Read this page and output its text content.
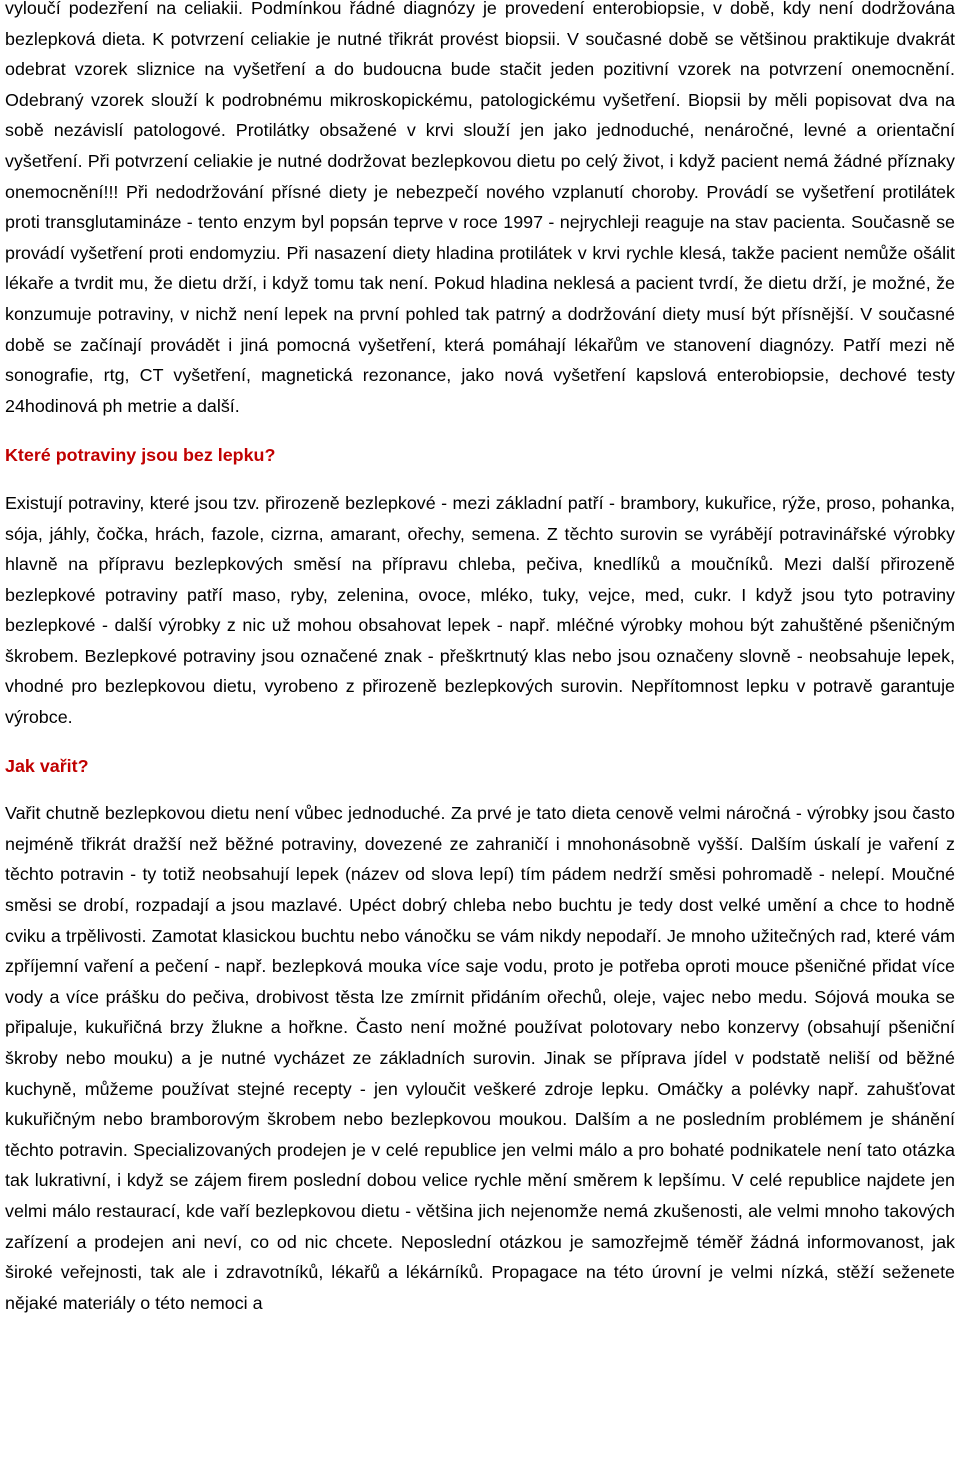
vyloučí podezření na celiakii. Podmínkou řádné diagnózy je provedení enterobiopsie, v době, kdy není dodržována bezlepková dieta. K potvrzení celiakie je nutné třikrát provést biopsii. V současné době se většinou praktikuje dvakrát odebrat vzorek sliznice na vyšetření a do budoucna bude stačit jeden pozitivní vzorek na potvrzení onemocnění. Odebraný vzorek slouží k podrobnému mikroskopickému, patologickému vyšetření. Biopsii by měli popisovat dva na sobě nezávislí patologové. Protilátky obsažené v krvi slouží jen jako jednoduché, nenáročné, levné a orientační vyšetření. Při potvrzení celiakie je nutné dodržovat bezlepkovou dietu po celý život, i když pacient nemá žádné příznaky onemocnění!!! Při nedodržování přísné diety je nebezpečí nového vzplanutí choroby. Provádí se vyšetření protilátek proti transglutamináze - tento enzym byl popsán teprve v roce 1997 - nejrychleji reaguje na stav pacienta. Současně se provádí vyšetření proti endomyziu. Při nasazení diety hladina protilátek v krvi rychle klesá, takže pacient nemůže ošálit lékaře a tvrdit mu, že dietu drží, i když tomu tak není. Pokud hladina neklesá a pacient tvrdí, že dietu drží, je možné, že konzumuje potraviny, v nichž není lepek na první pohled tak patrný a dodržování diety musí být přísnější. V současné době se začínají provádět i jiná pomocná vyšetření, která pomáhají lékařům ve stanovení diagnózy. Patří mezi ně sonografie, rtg, CT vyšetření, magnetická rezonance, jako nová vyšetření kapslová enterobiopsie, dechové testy 24hodinová ph metrie a další.

Které potraviny jsou bez lepku?

Existují potraviny, které jsou tzv. přirozeně bezlepkové - mezi základní patří - brambory, kukuřice, rýže, proso, pohanka, sója, jáhly, čočka, hrách, fazole, cizrna, amarant, ořechy, semena. Z těchto surovin se vyrábějí potravinářské výrobky hlavně na přípravu bezlepkových směsí na přípravu chleba, pečiva, knedlíků a moučníků. Mezi další přirozeně bezlepkové potraviny patří maso, ryby, zelenina, ovoce, mléko, tuky, vejce, med, cukr. I když jsou tyto potraviny bezlepkové - další výrobky z nic už mohou obsahovat lepek - např. mléčné výrobky mohou být zahuštěné pšeničným škrobem. Bezlepkové potraviny jsou označené znak - přeškrtnutý klas nebo jsou označeny slovně - neobsahuje lepek, vhodné pro bezlepkovou dietu, vyrobeno z přirozeně bezlepkových surovin. Nepřítomnost lepku v potravě garantuje výrobce.

Jak vařit?

Vařit chutně bezlepkovou dietu není vůbec jednoduché. Za prvé je tato dieta cenově velmi náročná - výrobky jsou často nejméně třikrát dražší než běžné potraviny, dovezené ze zahraničí i mnohonásobně vyšší. Dalším úskalí je vaření z těchto potravin - ty totiž neobsahují lepek (název od slova lepí) tím pádem nedrží směsi pohromadě - nelepí. Moučné směsi se drobí, rozpadají a jsou mazlavé. Upéct dobrý chleba nebo buchtu je tedy dost velké umění a chce to hodně cviku a trpělivosti. Zamotat klasickou buchtu nebo vánočku se vám nikdy nepodaří. Je mnoho užitečných rad, které vám zpříjemní vaření a pečení - např. bezlepková mouka více saje vodu, proto je potřeba oproti mouce pšeničné přidat více vody a více prášku do pečiva, drobivost těsta lze zmírnit přidáním ořechů, oleje, vajec nebo medu. Sójová mouka se připaluje, kukuřičná brzy žlukne a hořkne. Často není možné používat polotovary nebo konzervy (obsahují pšeniční škroby nebo mouku) a je nutné vycházet ze základních surovin. Jinak se příprava jídel v podstatě neliší od běžné kuchyně, můžeme používat stejné recepty - jen vyloučit veškeré zdroje lepku. Omáčky a polévky např. zahušťovat kukuřičným nebo bramborovým škrobem nebo bezlepkovou moukou. Dalším a ne posledním problémem je shánění těchto potravin. Specializovaných prodejen je v celé republice jen velmi málo a pro bohaté podnikatele není tato otázka tak lukrativní, i když se zájem firem poslední dobou velice rychle mění směrem k lepšímu. V celé republice najdete jen velmi málo restaurací, kde vaří bezlepkovou dietu - většina jich nejenomže nemá zkušenosti, ale velmi mnoho takových zařízení a prodejen ani neví, co od nic chcete. Neposlední otázkou je samozřejmě téměř žádná informovanost, jak široké veřejnosti, tak ale i zdravotníků, lékařů a lékárníků. Propagace na této úrovní je velmi nízká, stěží seženete nějaké materiály o této nemoci a
